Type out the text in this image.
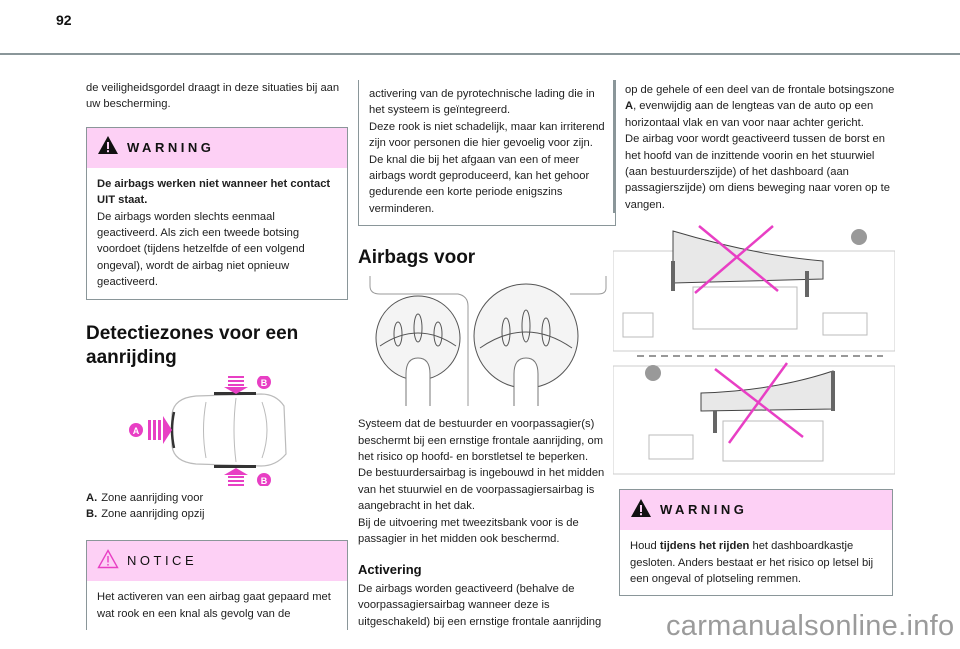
92

de veiligheidsgordel draagt in deze situaties bij aan uw bescherming.

WARNING

De airbags werken niet wanneer het contact UIT staat.

De airbags worden slechts eenmaal geactiveerd. Als zich een tweede botsing voordoet (tijdens hetzelfde of een volgend ongeval), wordt de airbag niet opnieuw geactiveerd.

Detectiezones voor een aanrijding
A
B
B

A. Zone aanrijding voor

B. Zone aanrijding opzij

NOTICE

Het activeren van een airbag gaat gepaard met wat rook en een knal als gevolg van de

activering van de pyrotechnische lading die in het systeem is geïntegreerd.

Deze rook is niet schadelijk, maar kan irriterend zijn voor personen die hier gevoelig voor zijn.

De knal die bij het afgaan van een of meer airbags wordt geproduceerd, kan het gehoor gedurende een korte periode enigszins verminderen.

Airbags voor

Systeem dat de bestuurder en voorpassagier(s) beschermt bij een ernstige frontale aanrijding, om het risico op hoofd- en borstletsel te beperken.

De bestuurdersairbag is ingebouwd in het midden van het stuurwiel en de voorpassagiersairbag is aangebracht in het dak.

Bij de uitvoering met tweezitsbank voor is de passagier in het midden ook beschermd.

Activering

De airbags worden geactiveerd (behalve de voorpassagiersairbag wanneer deze is uitgeschakeld) bij een ernstige frontale aanrijding

op de gehele of een deel van de frontale botsingszone A, evenwijdig aan de lengteas van de auto op een horizontaal vlak en van voor naar achter gericht.

De airbag voor wordt geactiveerd tussen de borst en het hoofd van de inzittende voorin en het stuurwiel (aan bestuurderszijde) of het dashboard (aan passagierszijde) om diens beweging naar voren op te vangen.

WARNING

Houd tijdens het rijden het dashboardkastje gesloten. Anders bestaat er het risico op letsel bij een ongeval of plotseling remmen.

carmanualsonline.info
